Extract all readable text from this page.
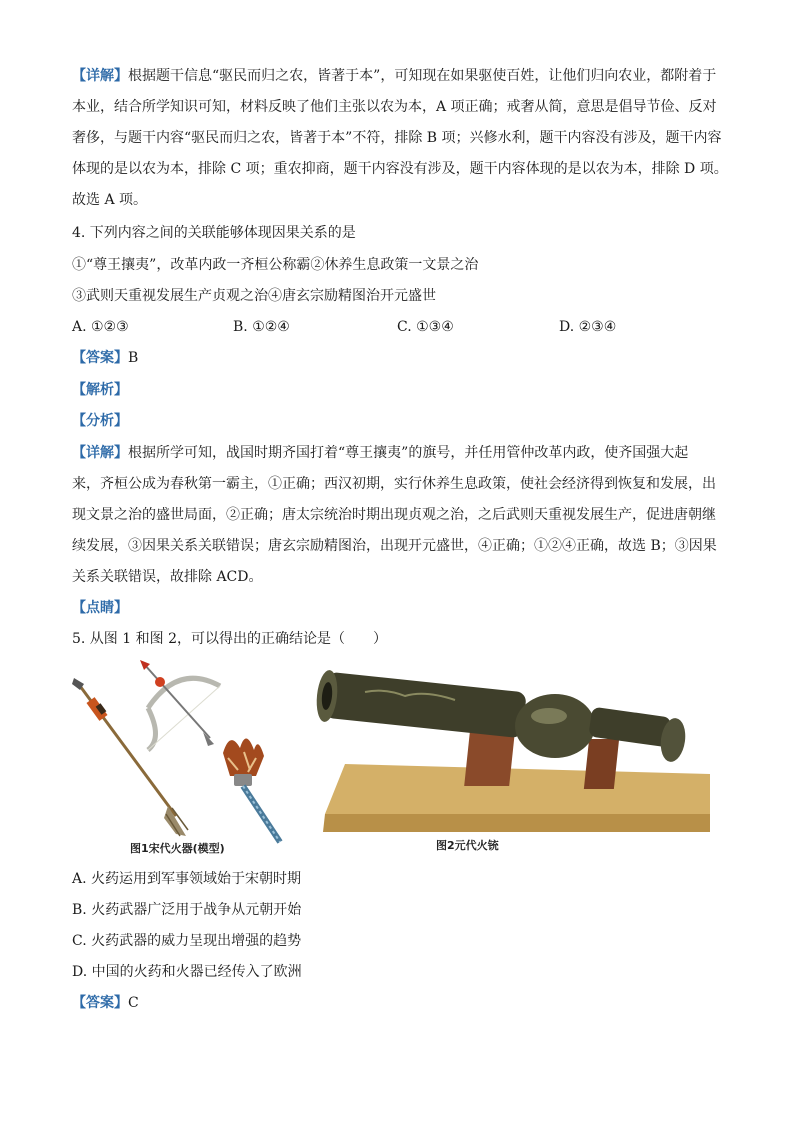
【详解】根据题干信息“驱民而归之农，皆著于本”，可知现在如果驱使百姓，让他们归向农业，都附着于
本业，结合所学知识可知，材料反映了他们主张以农为本，A 项正确；戒奢从简，意思是倡导节俭、反对
奢侈，与题干内容“驱民而归之农，皆著于本”不符，排除 B 项；兴修水利，题干内容没有涉及，题干内容
体现的是以农为本，排除 C 项；重农抑商，题干内容没有涉及，题干内容体现的是以农为本，排除 D 项。
故选 A 项。
4. 下列内容之间的关联能够体现因果关系的是
①“尊王攘夷”，改革内政一齐桓公称霸②休养生息政策一文景之治
③武则天重视发展生产贞观之治④唐玄宗励精图治开元盛世
A. ①②③	B. ①②④	C. ①③④	D. ②③④
【答案】B
【解析】
【分析】
【详解】根据所学可知，战国时期齐国打着“尊王攘夷”的旗号，并任用管仲改革内政，使齐国强大起
来，齐桓公成为春秋第一霸主，①正确；西汉初期，实行休养生息政策，使社会经济得到恢复和发展，出
现文景之治的盛世局面，②正确；唐太宗统治时期出现贞观之治，之后武则天重视发展生产，促进唐朝继
续发展，③因果关系关联错误；唐玄宗励精图治，出现开元盛世，④正确；①②④正确，故选 B；③因果
关系关联错误，故排除 ACD。
【点睛】
5. 从图 1 和图 2，可以得出的正确结论是（　　）
图1宋代火器(模型)	图2元代火铳
A. 火药运用到军事领域始于宋朝时期
B. 火药武器广泛用于战争从元朝开始
C. 火药武器的威力呈现出增强的趋势
D. 中国的火药和火器已经传入了欧洲
【答案】C
